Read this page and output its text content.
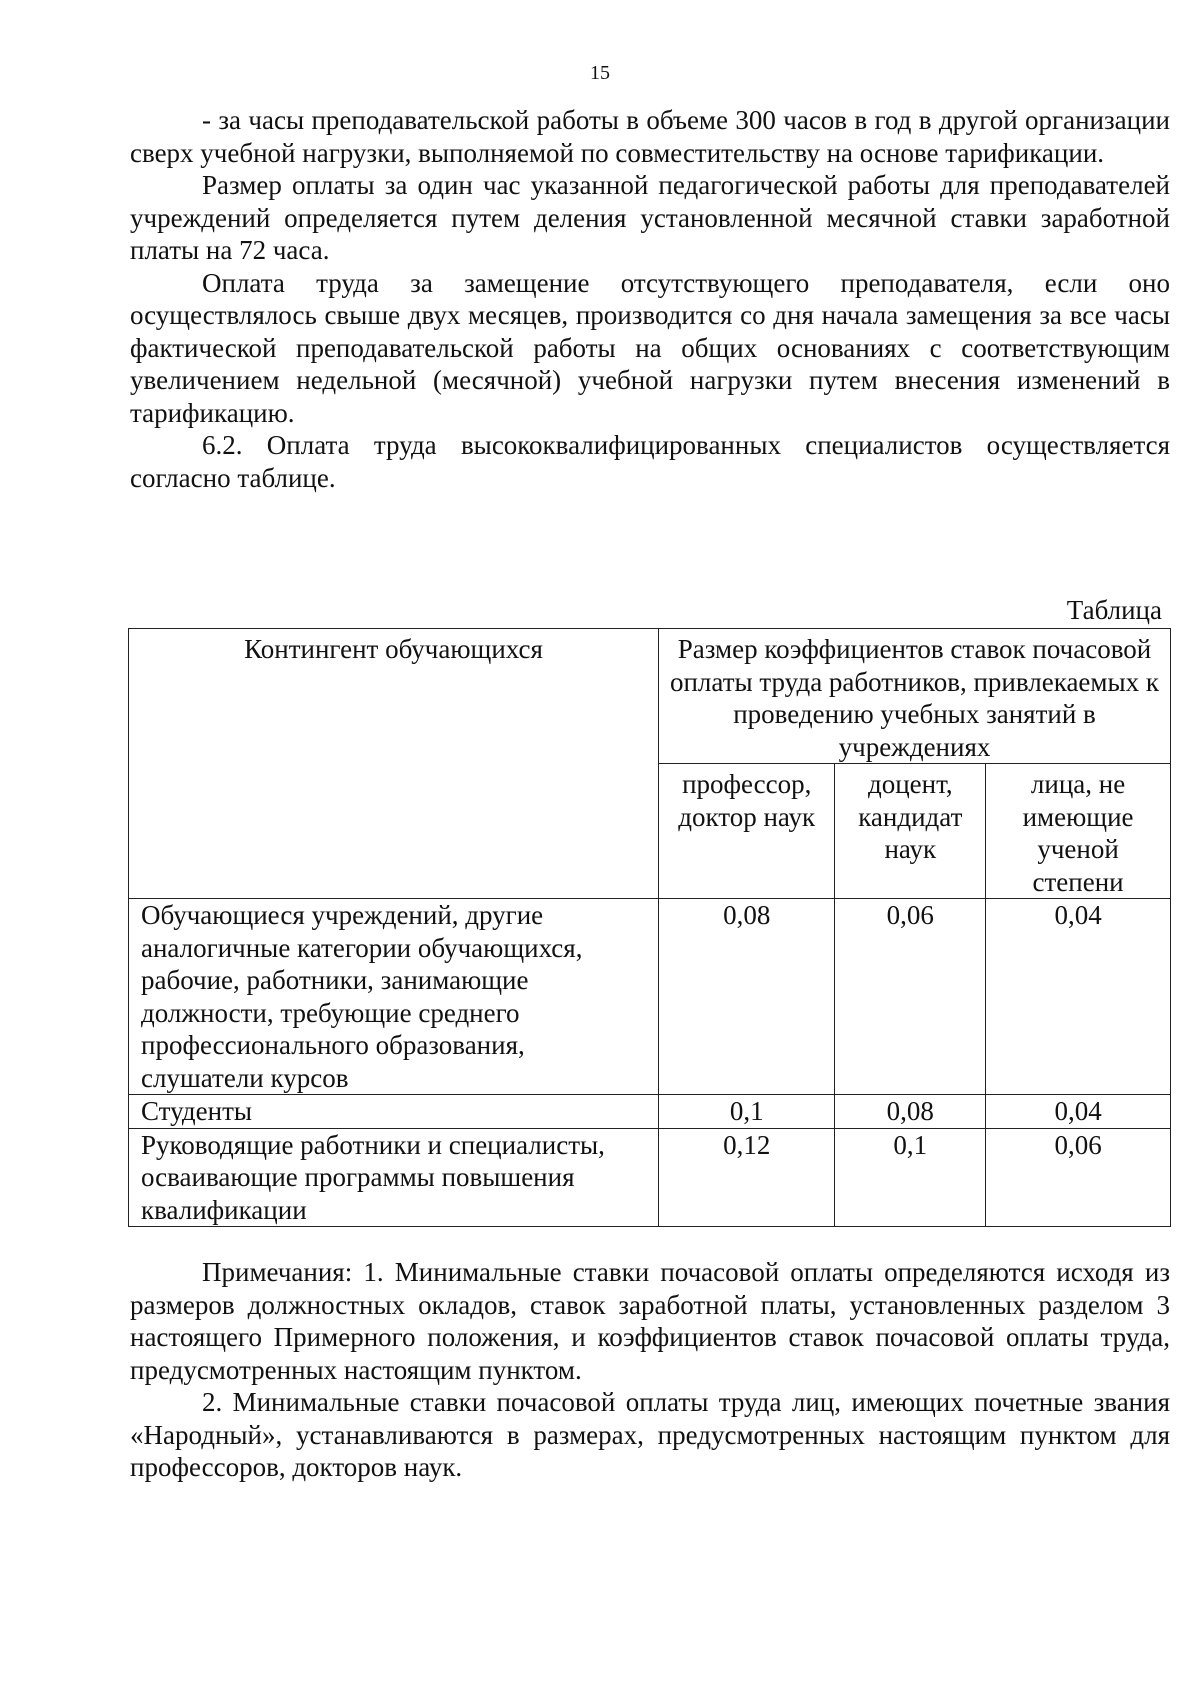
15

- за часы преподавательской работы в объеме 300 часов в год в другой организации сверх учебной нагрузки, выполняемой по совместительству на основе тарификации.

Размер оплаты за один час указанной педагогической работы для преподавателей учреждений определяется путем деления установленной месячной ставки заработной платы на 72 часа.

Оплата труда за замещение отсутствующего преподавателя, если оно осуществлялось свыше двух месяцев, производится со дня начала замещения за все часы фактической преподавательской работы на общих основаниях с соответствующим увеличением недельной (месячной) учебной нагрузки путем внесения изменений в тарификацию.

6.2. Оплата труда высококвалифицированных специалистов осуществляется согласно таблице.

Таблица
Контингент обучающихся	Размер коэффициентов ставок почасовой оплаты труда работников, привлекаемых к проведению учебных занятий в учреждениях		
	профессор, доктор наук	доцент, кандидат наук	лица, не имеющие ученой степени
Обучающиеся учреждений, другие аналогичные категории обучающихся, рабочие, работники, занимающие должности, требующие среднего профессионального образования, слушатели курсов	0,08	0,06	0,04
Студенты	0,1	0,08	0,04
Руководящие работники и специалисты, осваивающие программы повышения квалификации	0,12	0,1	0,06

Примечания: 1. Минимальные ставки почасовой оплаты определяются исходя из размеров должностных окладов, ставок заработной платы, установленных разделом 3 настоящего Примерного положения, и коэффициентов ставок почасовой оплаты труда, предусмотренных настоящим пунктом.

2. Минимальные ставки почасовой оплаты труда лиц, имеющих почетные звания «Народный», устанавливаются в размерах, предусмотренных настоящим пунктом для профессоров, докторов наук.
